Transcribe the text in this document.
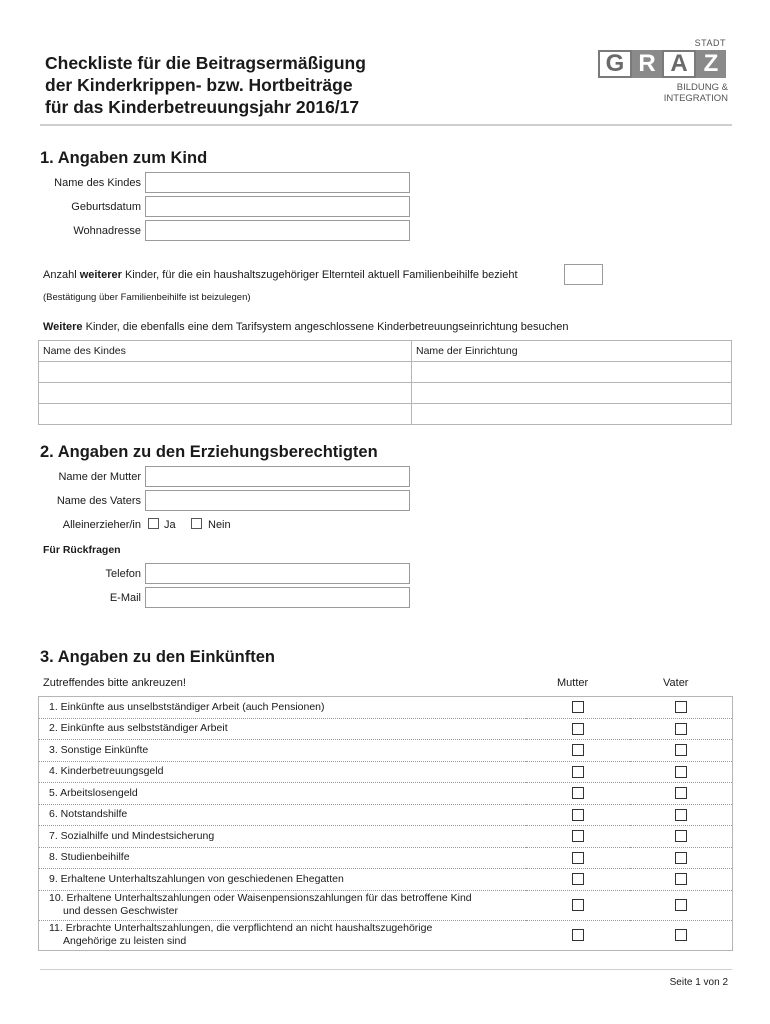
Checkliste für die Beitragsermäßigung
der Kinderkrippen- bzw. Hortbeiträge
für das Kinderbetreuungsjahr 2016/17
STADT
G R A Z
BILDUNG &
INTEGRATION
1. Angaben zum Kind
Name des Kindes
Geburtsdatum
Wohnadresse
Anzahl weiterer Kinder, für die ein haushaltszugehöriger Elternteil aktuell Familienbeihilfe bezieht
(Bestätigung über Familienbeihilfe ist beizulegen)
Weitere Kinder, die ebenfalls eine dem Tarifsystem angeschlossene Kinderbetreuungseinrichtung besuchen
Name des Kindes	Name der Einrichtung

2. Angaben zu den Erziehungsberechtigten
Name der Mutter
Name des Vaters
Alleinerzieher/in Ja	Nein
Für Rückfragen
Telefon
E-Mail
3. Angaben zu den Einkünften
Zutreffendes bitte ankreuzen!	Mutter	Vater
1. Einkünfte aus unselbstständiger Arbeit (auch Pensionen)		
2. Einkünfte aus selbstständiger Arbeit		
3. Sonstige Einkünfte		
4. Kinderbetreuungsgeld		
5. Arbeitslosengeld		
6. Notstandshilfe		
7. Sozialhilfe und Mindestsicherung		
8. Studienbeihilfe		
9. Erhaltene Unterhaltszahlungen von geschiedenen Ehegatten		

10. Erhaltene Unterhaltszahlungen oder Waisenpensionszahlungen für das betroffene Kind
und dessen Geschwister		

11. Erbrachte Unterhaltszahlungen, die verpflichtend an nicht haushaltszugehörige
Angehörige zu leisten sind		

Seite 1 von 2
